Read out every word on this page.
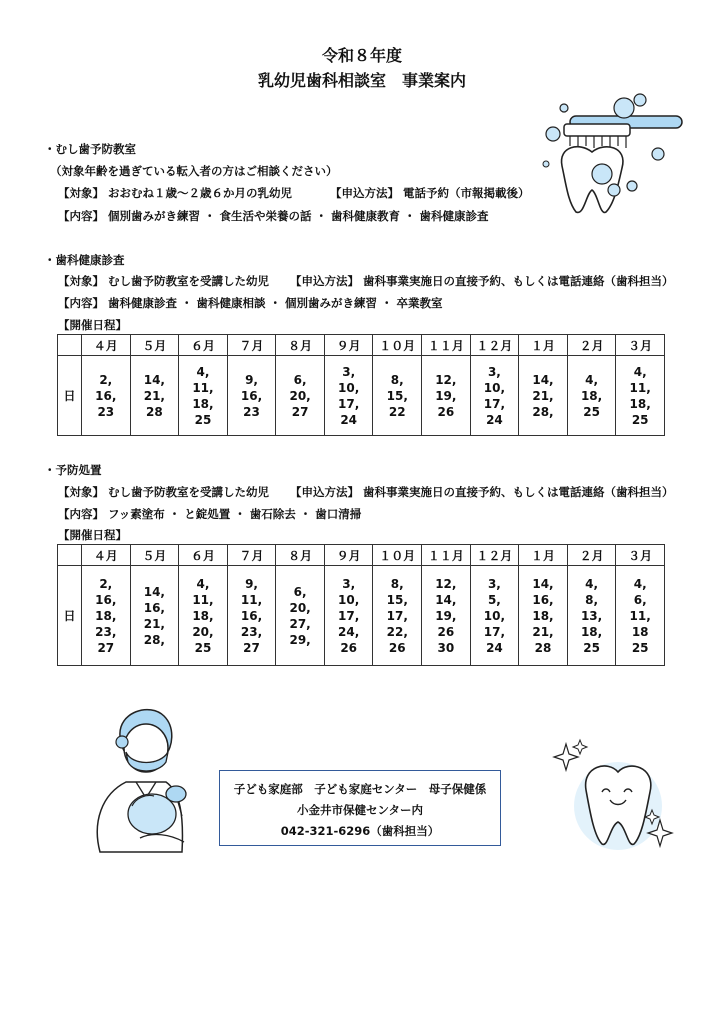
令和８年度
乳幼児歯科相談室　事業案内
・むし歯予防教室
（対象年齢を過ぎている転入者の方はご相談ください）
【対象】 おおむね１歳～２歳６か月の乳幼児	【申込方法】 電話予約（市報掲載後）
【内容】 個別歯みがき練習 ・ 食生活や栄養の話 ・ 歯科健康教育 ・ 歯科健康診査
・歯科健康診査
【対象】 むし歯予防教室を受講した幼児 【申込方法】 歯科事業実施日の直接予約、もしくは電話連絡（歯科担当）
【内容】 歯科健康診査 ・ 歯科健康相談 ・ 個別歯みがき練習 ・ 卒業教室
【開催日程】
	４月	５月	６月	７月	８月	９月	１０月	１１月	１２月	１月	２月	３月
日	2,
16,
23	14,
21,
28	4,
11,
18,
25	9,
16,
23	6,
20,
27	3,
10,
17,
24	8,
15,
22	12,
19,
26	3,
10,
17,
24	14,
21,
28,	4,
18,
25	4,
11,
18,
25
・予防処置
【対象】 むし歯予防教室を受講した幼児 【申込方法】 歯科事業実施日の直接予約、もしくは電話連絡（歯科担当）
【内容】 フッ素塗布 ・ と錠処置 ・ 歯石除去 ・ 歯口清掃
【開催日程】
	４月	５月	６月	７月	８月	９月	１０月	１１月	１２月	１月	２月	３月
日	2,
16,
18,
23,
27	14,
16,
21,
28,	4,
11,
18,
20,
25	9,
11,
16,
23,
27	6,
20,
27,
29,	3,
10,
17,
24,
26	8,
15,
17,
22,
26	12,
14,
19,
26
30	3,
5,
10,
17,
24	14,
16,
18,
21,
28	4,
8,
13,
18,
25	4,
6,
11,
18
25
子ども家庭部　子ども家庭センター　母子保健係
小金井市保健センター内
042-321-6296（歯科担当）
